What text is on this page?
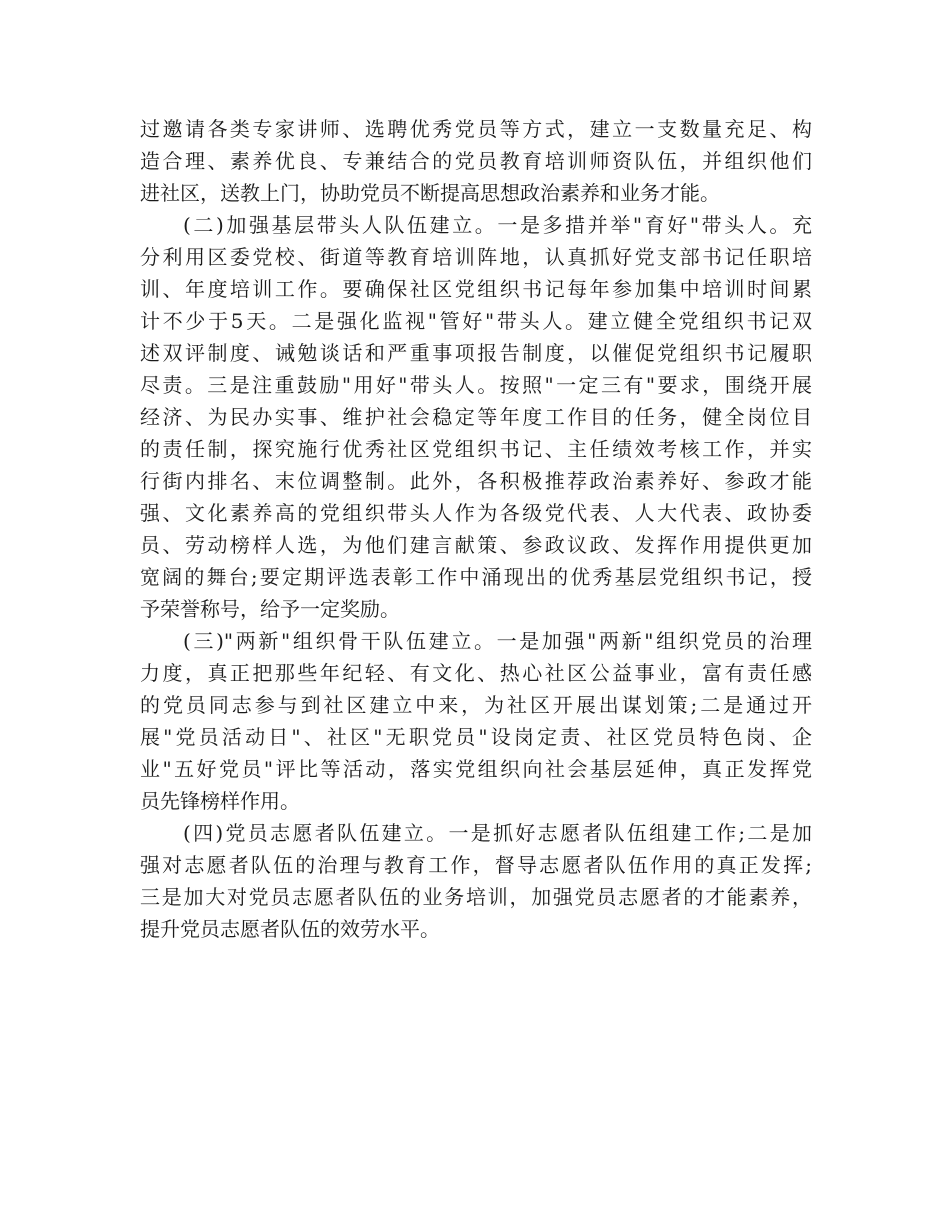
过邀请各类专家讲师、选聘优秀党员等方式，建立一支数量充足、构
造合理、素养优良、专兼结合的党员教育培训师资队伍，并组织他们
进社区，送教上门，协助党员不断提高思想政治素养和业务才能。
(二)加强基层带头人队伍建立。一是多措并举"育好"带头人。充
分利用区委党校、街道等教育培训阵地，认真抓好党支部书记任职培
训、年度培训工作。要确保社区党组织书记每年参加集中培训时间累
计不少于5天。二是强化监视"管好"带头人。建立健全党组织书记双
述双评制度、诫勉谈话和严重事项报告制度，以催促党组织书记履职
尽责。三是注重鼓励"用好"带头人。按照"一定三有"要求，围绕开展
经济、为民办实事、维护社会稳定等年度工作目的任务，健全岗位目
的责任制，探究施行优秀社区党组织书记、主任绩效考核工作，并实
行街内排名、末位调整制。此外，各积极推荐政治素养好、参政才能
强、文化素养高的党组织带头人作为各级党代表、人大代表、政协委
员、劳动榜样人选，为他们建言献策、参政议政、发挥作用提供更加
宽阔的舞台;要定期评选表彰工作中涌现出的优秀基层党组织书记，授
予荣誉称号，给予一定奖励。
(三)"两新"组织骨干队伍建立。一是加强"两新"组织党员的治理
力度，真正把那些年纪轻、有文化、热心社区公益事业，富有责任感
的党员同志参与到社区建立中来，为社区开展出谋划策;二是通过开
展"党员活动日"、社区"无职党员"设岗定责、社区党员特色岗、企
业"五好党员"评比等活动，落实党组织向社会基层延伸，真正发挥党
员先锋榜样作用。
(四)党员志愿者队伍建立。一是抓好志愿者队伍组建工作;二是加
强对志愿者队伍的治理与教育工作，督导志愿者队伍作用的真正发挥;
三是加大对党员志愿者队伍的业务培训，加强党员志愿者的才能素养，
提升党员志愿者队伍的效劳水平。
